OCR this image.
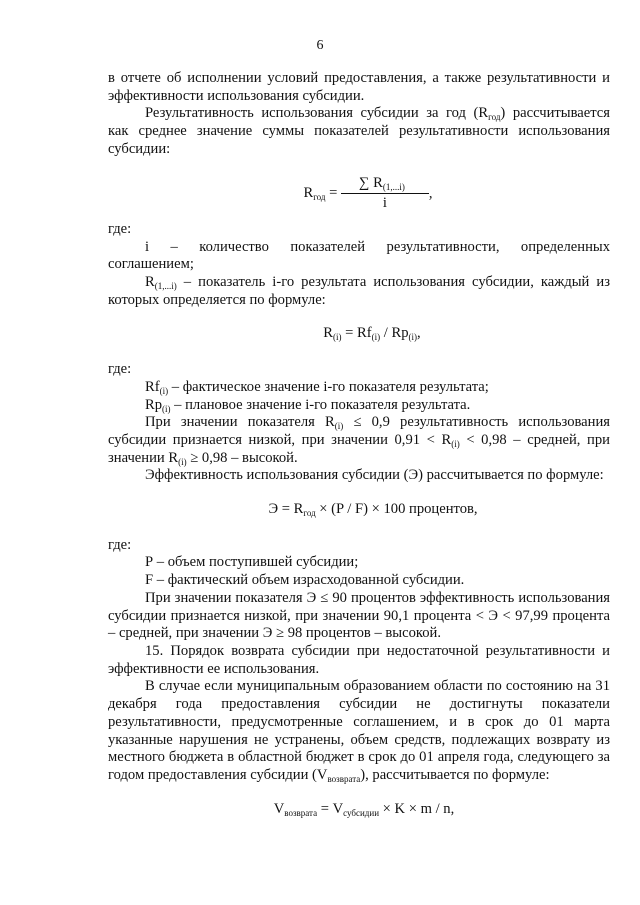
6

в отчете об исполнении условий предоставления, а также результативности и эффективности использования субсидии.

Результативность использования субсидии за год $(R_{год})$ рассчитывается как среднее значение суммы показателей результативности использования субсидии:

$R_{год} = \frac{\sum R_{(1,...i)}}{i}$ ,

где:

i – количество показателей результативности, определенных соглашением;

$R_{(1,...i)}$ – показатель i-го результата использования субсидии, каждый из которых определяется по формуле:

$R_{(i)} = Rf_{(i)} / Rp_{(i)}$,

где:

$Rf_{(i)}$ – фактическое значение i-го показателя результата;

$Rp_{(i)}$ – плановое значение i-го показателя результата.

При значении показателя $R_{(i)} \le 0,9$ результативность использования субсидии признается низкой, при значении $0,91 < R_{(i)} < 0,98$ – средней, при значении $R_{(i)} \ge 0,98$ – высокой.

Эффективность использования субсидии (Э) рассчитывается по формуле:

$Э = R_{год} \times (P / F) \times 100$ процентов,

где:

Р – объем поступившей субсидии;

F – фактический объем израсходованной субсидии.

При значении показателя Э ≤ 90 процентов эффективность использования субсидии признается низкой, при значении 90,1 процента < Э < 97,99 процента – средней, при значении Э ≥ 98 процентов – высокой.

15. Порядок возврата субсидии при недостаточной результативности и эффективности ее использования.

В случае если муниципальным образованием области по состоянию на 31 декабря года предоставления субсидии не достигнуты показатели результативности, предусмотренные соглашением, и в срок до 01 марта указанные нарушения не устранены, объем средств, подлежащих возврату из местного бюджета в областной бюджет в срок до 01 апреля года, следующего за годом предоставления субсидии $(V_{возврата})$, рассчитывается по формуле:

$V_{возврата} = V_{субсидии} \times K \times m / n$,
